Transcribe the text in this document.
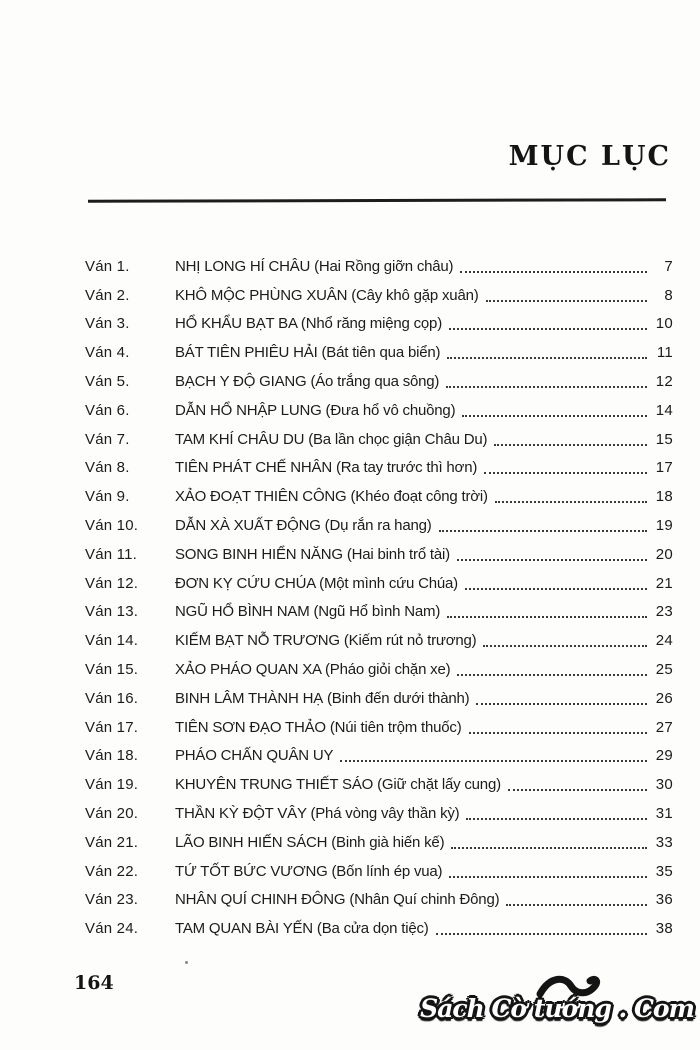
MỤC LỤC
Ván 1.	NHỊ LONG HÍ CHÂU (Hai Rồng giỡn châu)	7
Ván 2.	KHÔ MỘC PHÙNG XUÂN (Cây khô gặp xuân)	8
Ván 3.	HỔ KHẨU BẠT BA (Nhổ răng miệng cọp)	10
Ván 4.	BÁT TIÊN PHIÊU HẢI (Bát tiên qua biển)	11
Ván 5.	BẠCH Y ĐỘ GIANG (Áo trắng qua sông)	12
Ván 6.	DẪN HỔ NHẬP LUNG (Đưa hổ vô chuồng)	14
Ván 7.	TAM KHÍ CHÂU DU (Ba lần chọc giận Châu Du)	15
Ván 8.	TIÊN PHÁT CHẾ NHÂN (Ra tay trước thì hơn)	17
Ván 9.	XẢO ĐOẠT THIÊN CÔNG (Khéo đoạt công trời)	18
Ván 10.	DẪN XÀ XUẤT ĐỘNG (Dụ rắn ra hang)	19
Ván 11.	SONG BINH HIỂN NĂNG (Hai binh trổ tài)	20
Ván 12.	ĐƠN KỴ CỨU CHÚA (Một mình cứu Chúa)	21
Ván 13.	NGŨ HỔ BÌNH NAM (Ngũ Hổ bình Nam)	23
Ván 14.	KIẾM BẠT NỖ TRƯƠNG (Kiếm rút nỏ trương)	24
Ván 15.	XẢO PHÁO QUAN XA (Pháo giỏi chặn xe)	25
Ván 16.	BINH LÂM THÀNH HẠ (Binh đến dưới thành)	26
Ván 17.	TIÊN SƠN ĐẠO THẢO (Núi tiên trộm thuốc)	27
Ván 18.	PHÁO CHẤN QUÂN UY	29
Ván 19.	KHUYÊN TRUNG THIẾT SÁO (Giữ chặt lấy cung)	30
Ván 20.	THẦN KỲ ĐỘT VÂY (Phá vòng vây thần kỳ)	31
Ván 21.	LÃO BINH HIẾN SÁCH (Binh già hiến kế)	33
Ván 22.	TỨ TỐT BỨC VƯƠNG (Bốn lính ép vua)	35
Ván 23.	NHÂN QUÍ CHINH ĐÔNG (Nhân Quí chinh Đông)	36
Ván 24.	TAM QUAN BÀI YẾN (Ba cửa dọn tiệc)	38
164
Sách Cờ tướng . Com
